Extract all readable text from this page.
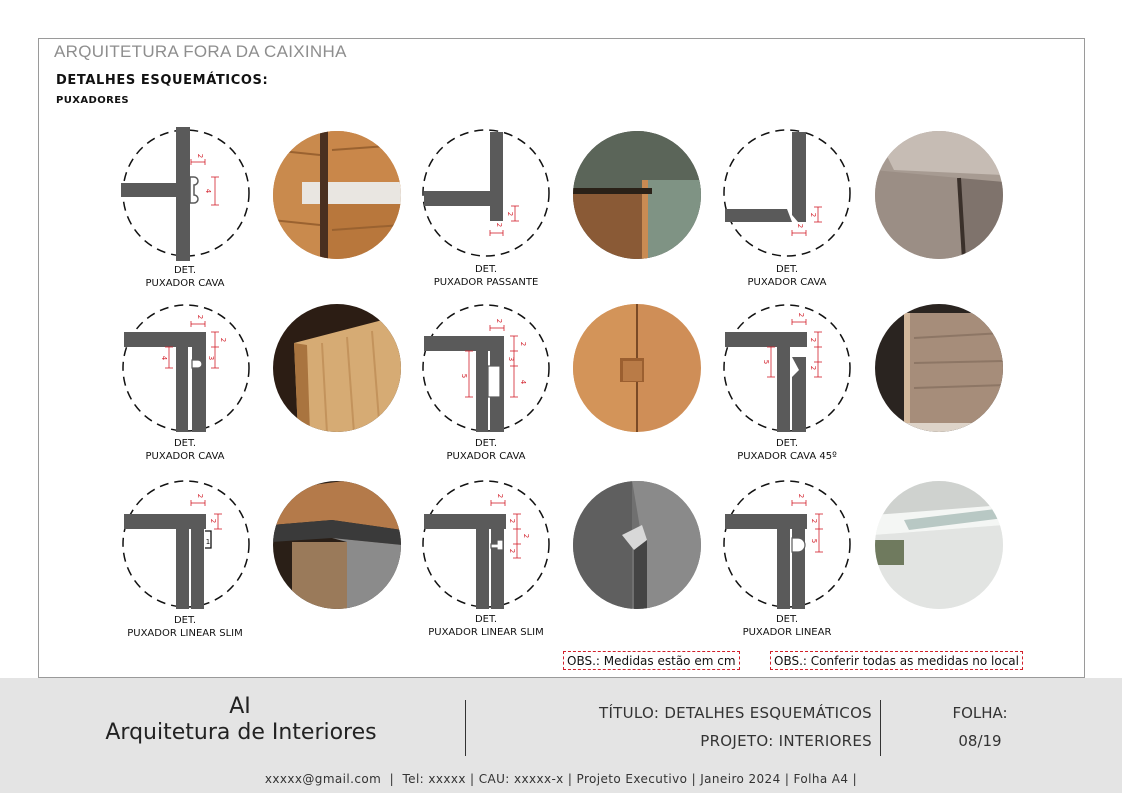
ARQUITETURA FORA DA CAIXINHA
DETALHES ESQUEMÁTICOS:
PUXADORES
2
4
2
2
2
2
2
2
3
4
2
2
3
5
4
2
2
2
5
2
2
1
2
2
2
2
2
2
5
DET.
PUXADOR CAVA
DET.
PUXADOR PASSANTE
DET.
PUXADOR CAVA
DET.
PUXADOR CAVA
DET.
PUXADOR CAVA
DET.
PUXADOR CAVA 45º
DET.
PUXADOR LINEAR SLIM
DET.
PUXADOR LINEAR SLIM
DET.
PUXADOR LINEAR
OBS.: Medidas estão em cm	OBS.: Conferir todas as medidas no local
AI
Arquitetura de Interiores
TÍTULO: DETALHES ESQUEMÁTICOS
PROJETO: INTERIORES
FOLHA:
08/19
xxxxx@gmail.com  |  Tel: xxxxx | CAU: xxxxx-x | Projeto Executivo | Janeiro 2024 | Folha A4 |
